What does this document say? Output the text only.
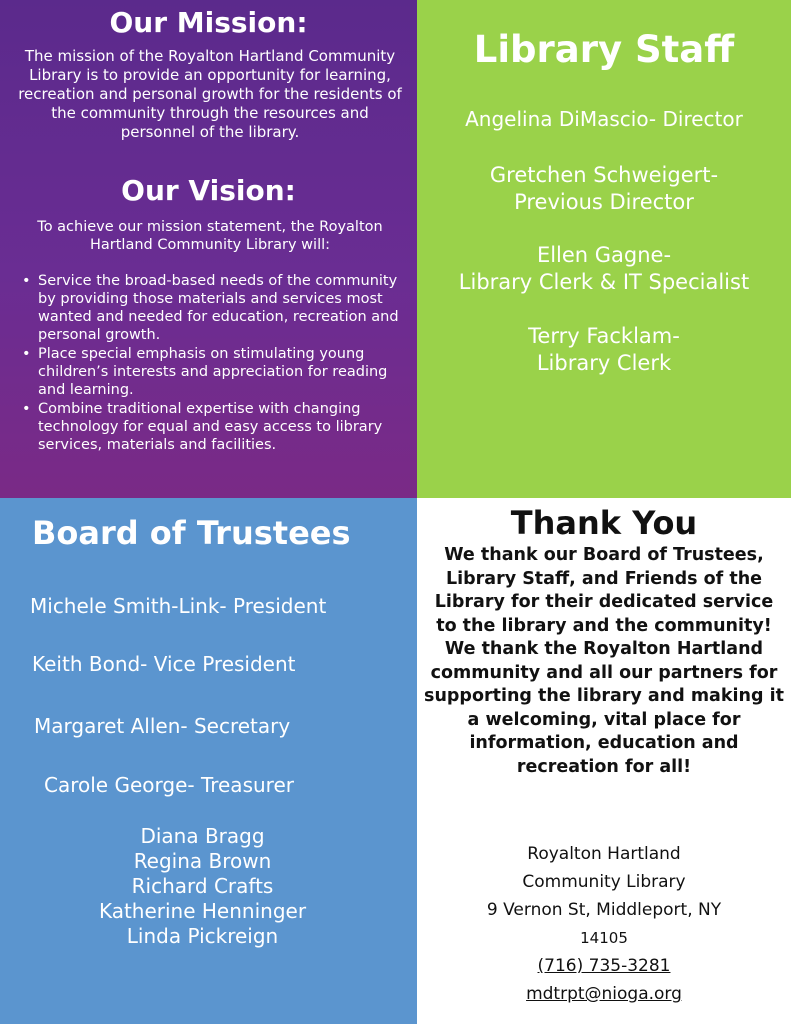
Our Mission:
The mission of the Royalton Hartland Community Library is to provide an opportunity for learning, recreation and personal growth for the residents of the community through the resources and personnel of the library.
Our Vision:
To achieve our mission statement, the Royalton Hartland Community Library will:
• Service the broad-based needs of the community by providing those materials and services most wanted and needed for education, recreation and personal growth.
• Place special emphasis on stimulating young children’s interests and appreciation for reading and learning.
• Combine traditional expertise with changing technology for equal and easy access to library services, materials and facilities.
Library Staff
Angelina DiMascio- Director
Gretchen Schweigert-
Previous Director
Ellen Gagne-
Library Clerk & IT Specialist
Terry Facklam-
Library Clerk
Board of Trustees
Michele Smith-Link- President
Keith Bond- Vice President
Margaret Allen- Secretary
Carole George- Treasurer
Diana Bragg
Regina Brown
Richard Crafts
Katherine Henninger
Linda Pickreign
Thank You
We thank our Board of Trustees, Library Staff, and Friends of the Library for their dedicated service to the library and the community! We thank the Royalton Hartland community and all our partners for supporting the library and making it a welcoming, vital place for information, education and recreation for all!
Royalton Hartland
Community Library
9 Vernon St, Middleport, NY
14105
(716) 735-3281
mdtrpt@nioga.org
